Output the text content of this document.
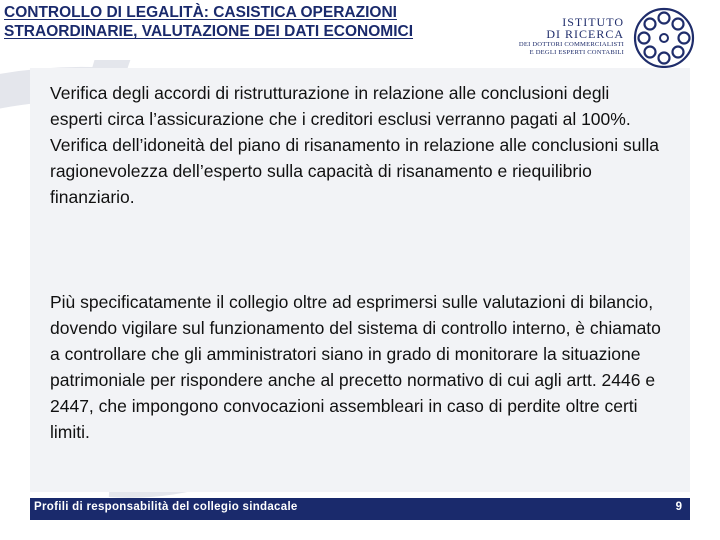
CONTROLLO DI LEGALITÀ: CASISTICA OPERAZIONI
STRAORDINARIE, VALUTAZIONE DEI DATI ECONOMICI
ISTITUTO
DI RICERCA
DEI DOTTORI COMMERCIALISTI
E DEGLI ESPERTI CONTABILI
Verifica degli accordi di ristrutturazione in relazione alle conclusioni degli esperti circa l’assicurazione che i creditori esclusi verranno pagati al 100%. Verifica dell’idoneità del piano di risanamento in relazione alle conclusioni sulla ragionevolezza dell’esperto sulla capacità di risanamento e riequilibrio finanziario.
Più specificatamente il collegio oltre ad esprimersi sulle valutazioni di bilancio, dovendo vigilare sul funzionamento del sistema di controllo interno, è chiamato a controllare che gli amministratori siano in grado di monitorare la situazione patrimoniale per rispondere anche al precetto normativo di cui agli artt. 2446 e 2447, che impongono convocazioni assembleari in caso di perdite oltre certi limiti.
Profili di responsabilità del collegio sindacale	9
